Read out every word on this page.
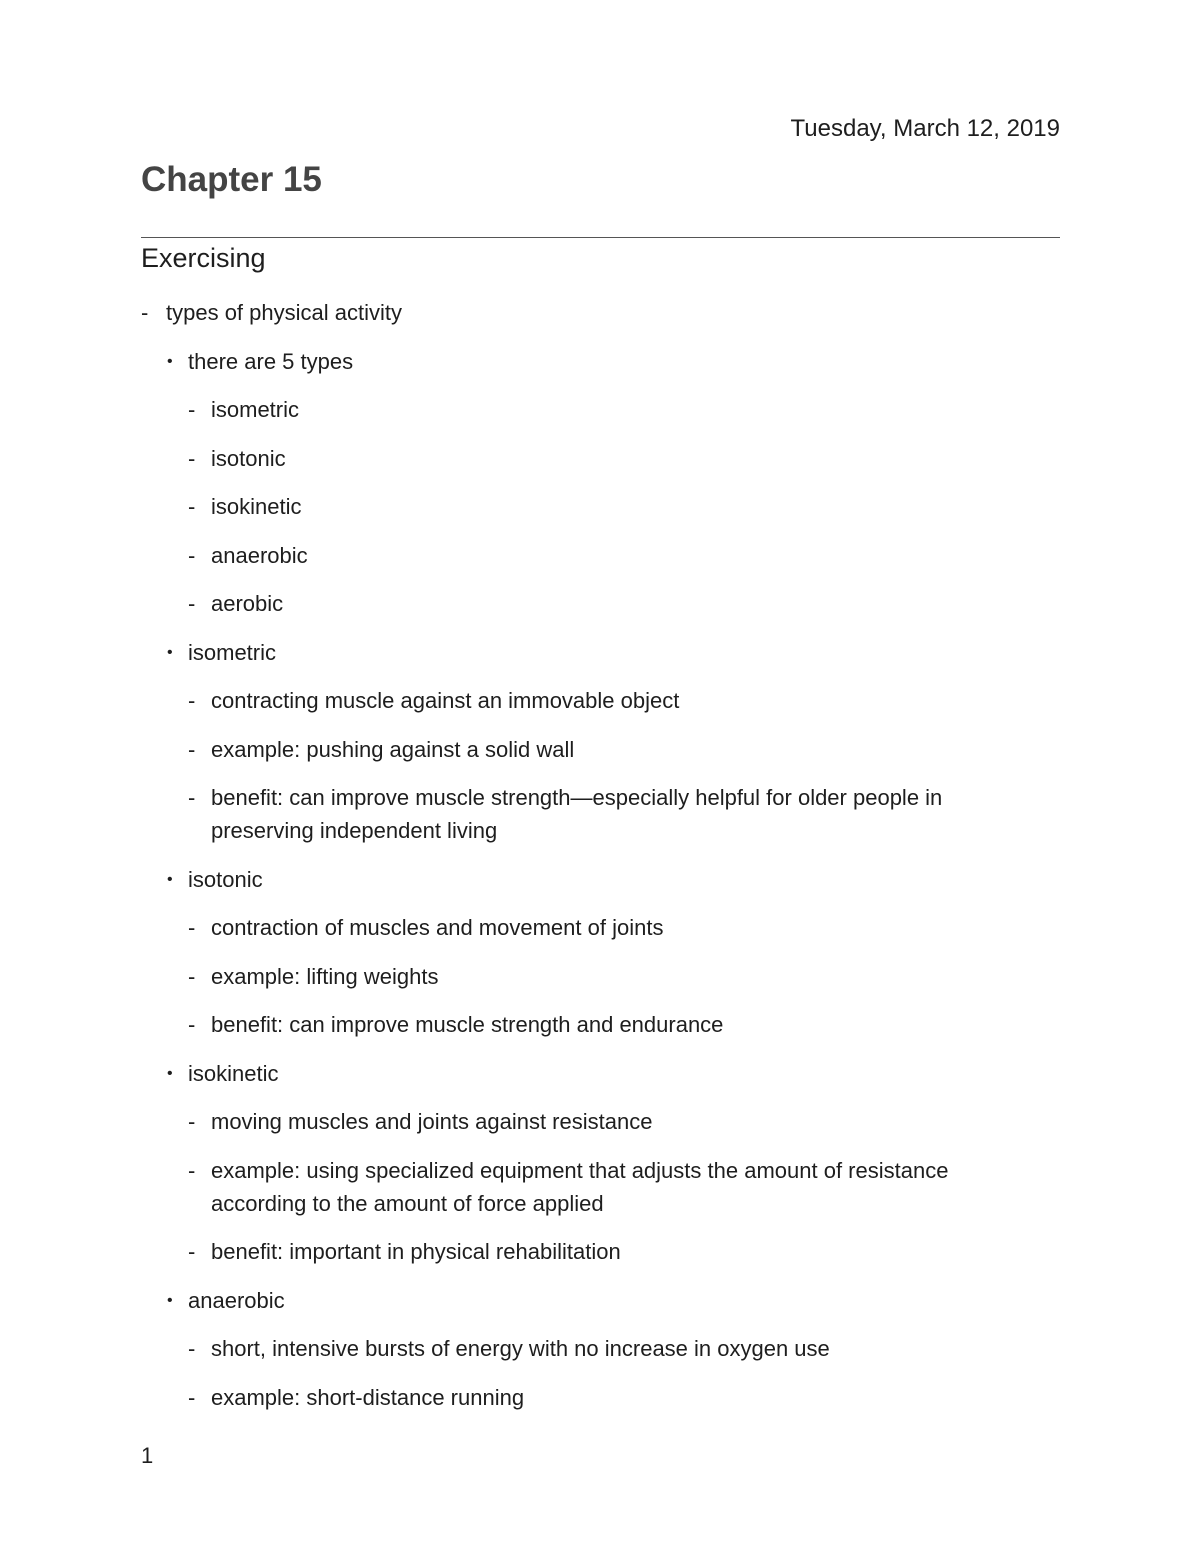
Tuesday, March 12, 2019
Chapter 15
Exercising
- types of physical activity
• there are 5 types
- isometric
- isotonic
- isokinetic
- anaerobic
- aerobic
• isometric
- contracting muscle against an immovable object
- example: pushing against a solid wall
- benefit: can improve muscle strength—especially helpful for older people in preserving independent living
• isotonic
- contraction of muscles and movement of joints
- example: lifting weights
- benefit: can improve muscle strength and endurance
• isokinetic
- moving muscles and joints against resistance
- example: using specialized equipment that adjusts the amount of resistance according to the amount of force applied
- benefit: important in physical rehabilitation
• anaerobic
- short, intensive bursts of energy with no increase in oxygen use
- example: short-distance running
1
